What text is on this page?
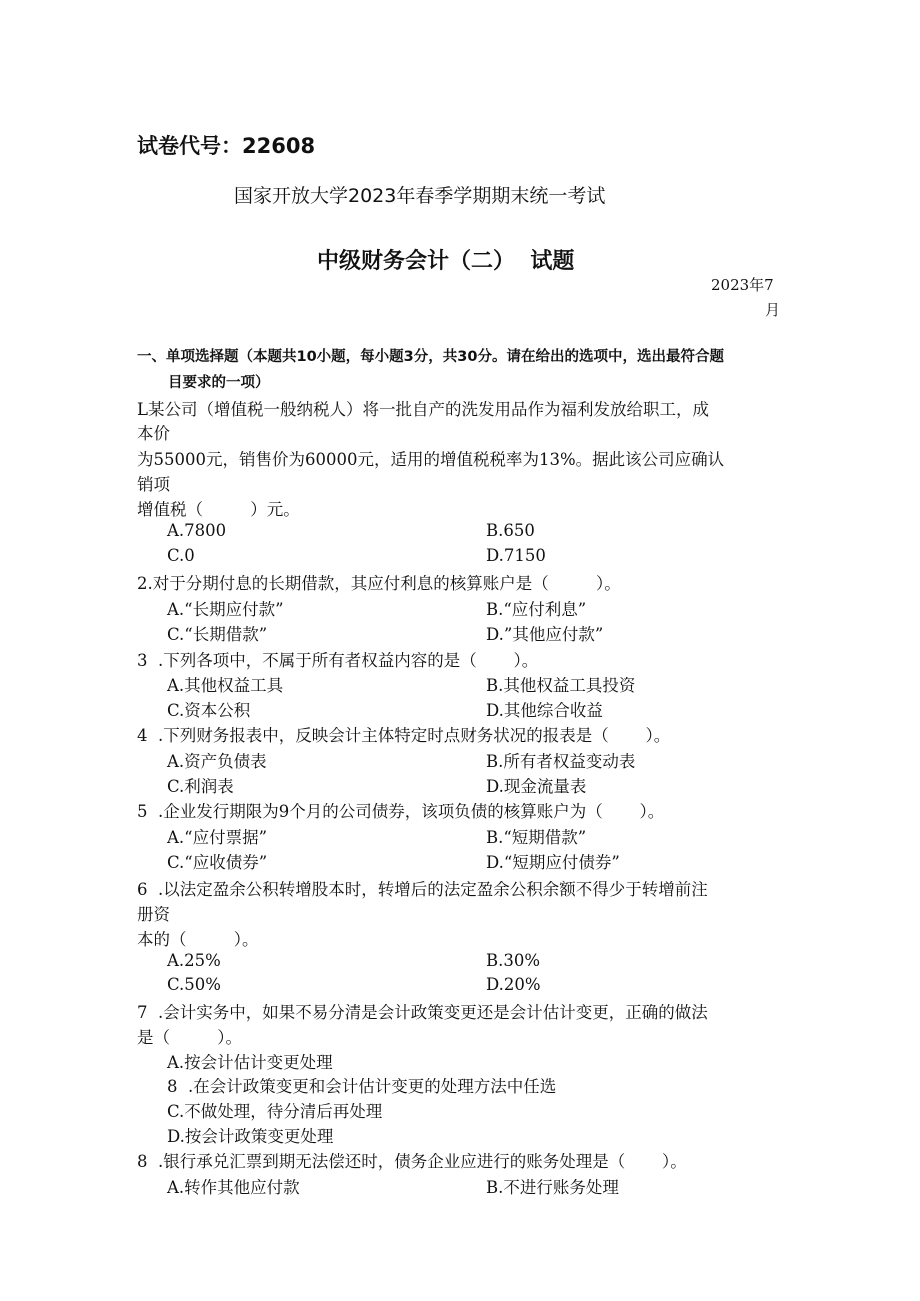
试卷代号：22608
国家开放大学2023年春季学期期末统一考试
中级财务会计（二）  试题
2023年7
月
一、单项选择题（本题共10小题，每小题3分，共30分。请在给出的选项中，选出最符合题
目要求的一项）
L某公司（增值税一般纳税人）将一批自产的洗发用品作为福利发放给职工，成
本价
为55000元，销售价为60000元，适用的增值税税率为13%。据此该公司应确认
销项
增值税（         ）元。
A.7800	B.650
C.0	D.7150
2.对于分期付息的长期借款，其应付利息的核算账户是（         ）。
A.“长期应付款”	B.“应付利息”
C.“长期借款”	D.”其他应付款”
3  .下列各项中，不属于所有者权益内容的是（       ）。
A.其他权益工具	B.其他权益工具投资
C.资本公积	D.其他综合收益
4  .下列财务报表中，反映会计主体特定时点财务状况的报表是（       ）。
A.资产负债表	B.所有者权益变动表
C.利润表	D.现金流量表
5  .企业发行期限为9个月的公司债券，该项负债的核算账户为（       ）。
A.“应付票据”	B.“短期借款”
C.“应收债券”	D.“短期应付债券”
6  .以法定盈余公积转增股本时，转增后的法定盈余公积余额不得少于转增前注
册资
本的（         ）。
A.25%	B.30%
C.50%	D.20%
7  .会计实务中，如果不易分清是会计政策变更还是会计估计变更，正确的做法
是（         ）。
A.按会计估计变更处理
8  .在会计政策变更和会计估计变更的处理方法中任选
C.不做处理，待分清后再处理
D.按会计政策变更处理
8  .银行承兑汇票到期无法偿还时，债务企业应进行的账务处理是（       ）。
A.转作其他应付款	B.不进行账务处理
